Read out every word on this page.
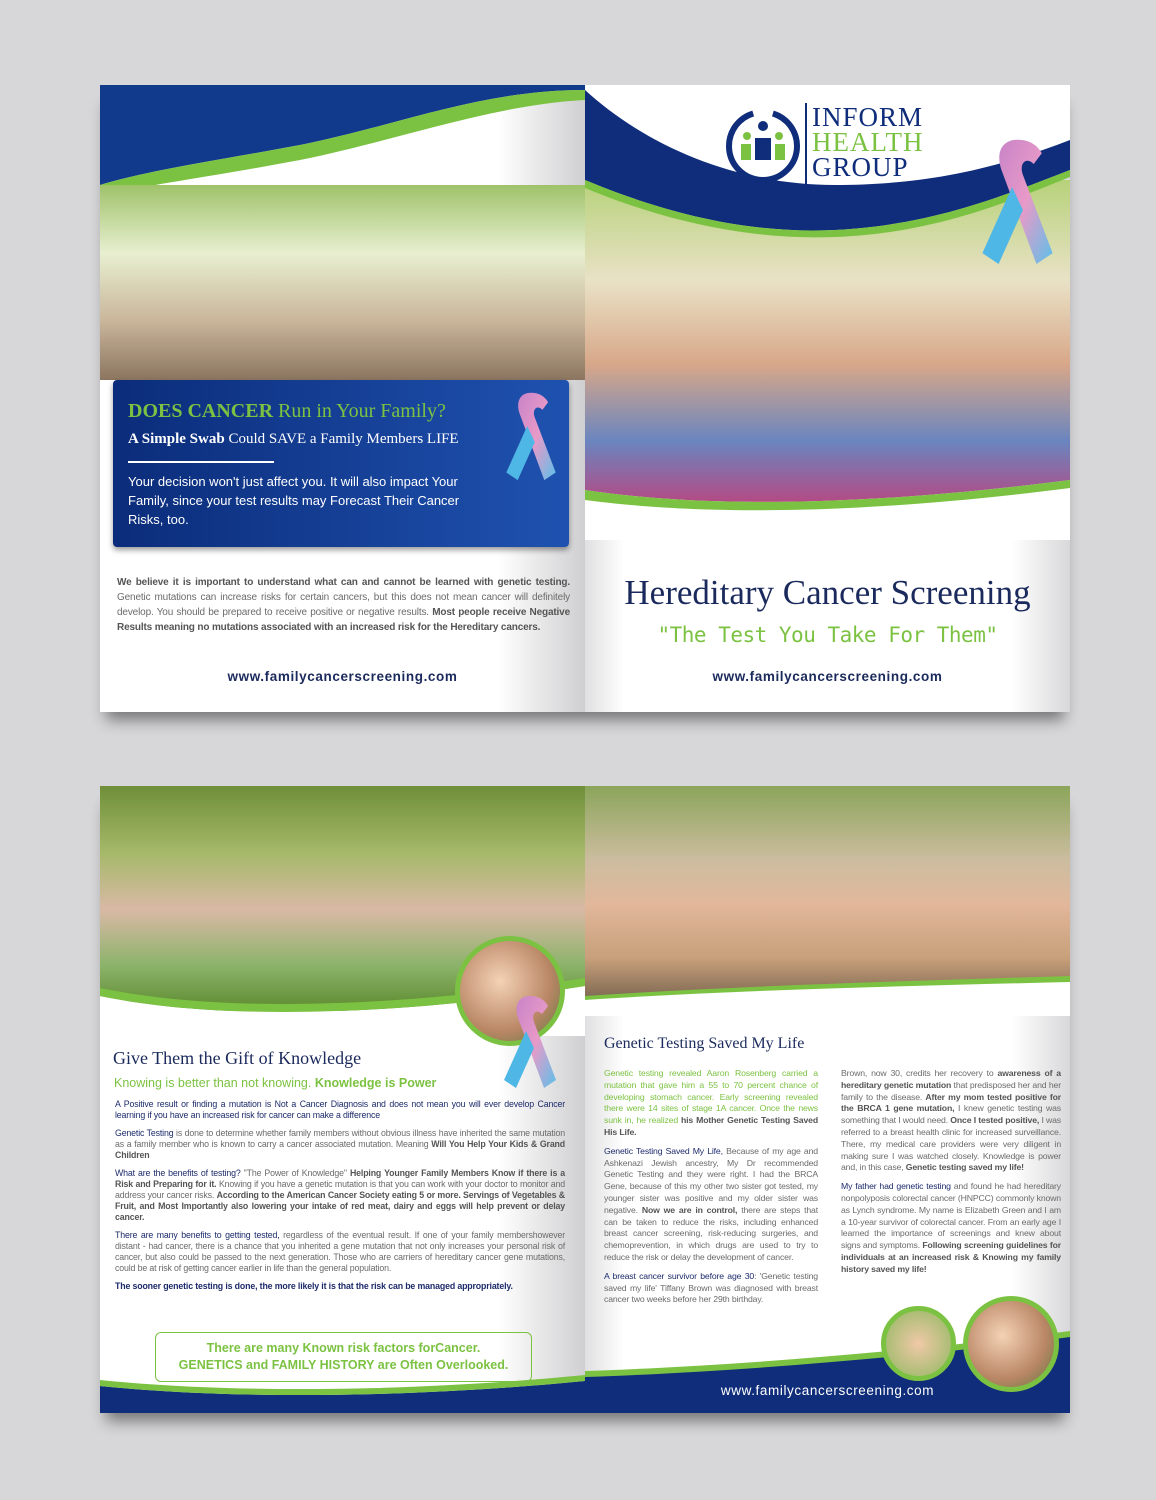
DOES CANCER Run in Your Family?
A Simple Swab Could SAVE a Family Members LIFE
Your decision won't just affect you. It will also impact Your Family, since your test results may Forecast Their Cancer Risks, too.
We believe it is important to understand what can and cannot be learned with genetic testing. Genetic mutations can increase risks for certain cancers, but this does not mean cancer will definitely develop. You should be prepared to receive positive or negative results. Most people receive Negative Results meaning no mutations associated with an increased risk for the Hereditary cancers.
www.familycancerscreening.com
INFORM
HEALTH
GROUP
Hereditary Cancer Screening
"The Test You Take For Them"
www.familycancerscreening.com
Give Them the Gift of Knowledge
Knowing is better than not knowing. Knowledge is Power

A Positive result or finding a mutation is Not a Cancer Diagnosis and does not mean you will ever develop Cancer learning if you have an increased risk for cancer can make a difference

Genetic Testing is done to determine whether family members without obvious illness have inherited the same mutation as a family member who is known to carry a cancer associated mutation. Meaning Will You Help Your Kids & Grand Children

What are the benefits of testing? "The Power of Knowledge" Helping Younger Family Members Know if there is a Risk and Preparing for it. Knowing if you have a genetic mutation is that you can work with your doctor to monitor and address your cancer risks. According to the American Cancer Society eating 5 or more. Servings of Vegetables & Fruit, and Most Importantly also lowering your intake of red meat, dairy and eggs will help prevent or delay cancer.

There are many benefits to getting tested, regardless of the eventual result. If one of your family membershowever distant - had cancer, there is a chance that you inherited a gene mutation that not only increases your personal risk of cancer, but also could be passed to the next generation. Those who are carriers of hereditary cancer gene mutations, could be at risk of getting cancer earlier in life than the general population.

The sooner genetic testing is done, the more likely it is that the risk can be managed appropriately.

There are many Known risk factors forCancer.
GENETICS and FAMILY HISTORY are Often Overlooked.
Genetic Testing Saved My Life

Genetic testing revealed Aaron Rosenberg carried a mutation that gave him a 55 to 70 percent chance of developing stomach cancer. Early screening revealed there were 14 sites of stage 1A cancer. Once the news sunk in, he realized his Mother Genetic Testing Saved His Life.

Genetic Testing Saved My Life, Because of my age and Ashkenazi Jewish ancestry, My Dr recommended Genetic Testing and they were right. I had the BRCA Gene, because of this my other two sister got tested, my younger sister was positive and my older sister was negative. Now we are in control, there are steps that can be taken to reduce the risks, including enhanced breast cancer screening, risk-reducing surgeries, and chemoprevention, in which drugs are used to try to reduce the risk or delay the development of cancer.

A breast cancer survivor before age 30: 'Genetic testing saved my life' Tiffany Brown was diagnosed with breast cancer two weeks before her 29th birthday.

Brown, now 30, credits her recovery to awareness of a hereditary genetic mutation that predisposed her and her family to the disease. After my mom tested positive for the BRCA 1 gene mutation, I knew genetic testing was something that I would need. Once I tested positive, I was referred to a breast health clinic for increased surveillance. There, my medical care providers were very diligent in making sure I was watched closely. Knowledge is power and, in this case, Genetic testing saved my life!

My father had genetic testing and found he had hereditary nonpolyposis colorectal cancer (HNPCC) commonly known as Lynch syndrome. My name is Elizabeth Green and I am a 10-year survivor of colorectal cancer. From an early age I learned the importance of screenings and knew about signs and symptoms. Following screening guidelines for individuals at an increased risk & Knowing my family history saved my life!

www.familycancerscreening.com
